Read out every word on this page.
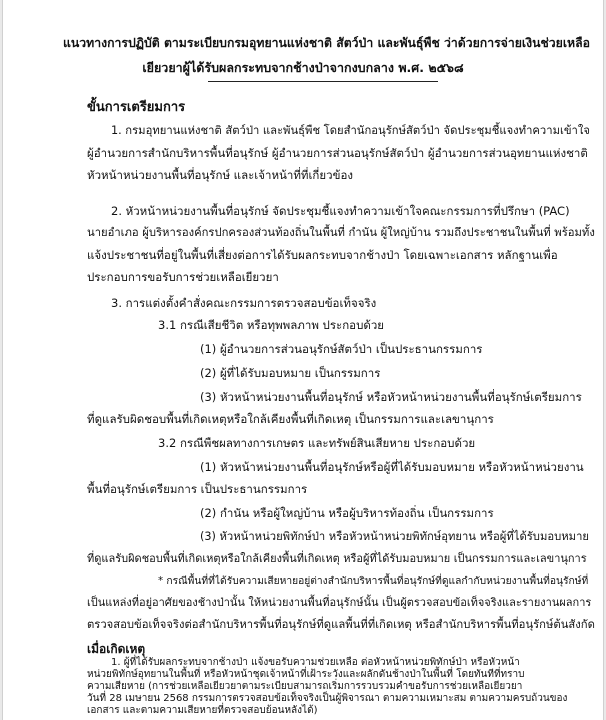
แนวทางการปฏิบัติ ตามระเบียบกรมอุทยานแห่งชาติ สัตว์ป่า และพันธุ์พืช ว่าด้วยการจ่ายเงินช่วยเหลือ
เยียวยาผู้ได้รับผลกระทบจากช้างป่าจากงบกลาง พ.ศ. ๒๕๖๘
ขั้นการเตรียมการ
1. กรมอุทยานแห่งชาติ สัตว์ป่า และพันธุ์พืช โดยสำนักอนุรักษ์สัตว์ป่า จัดประชุมชี้แจงทำความเข้าใจ
ผู้อำนวยการสำนักบริหารพื้นที่อนุรักษ์ ผู้อำนวยการส่วนอนุรักษ์สัตว์ป่า ผู้อำนวยการส่วนอุทยานแห่งชาติ
หัวหน้าหน่วยงานพื้นที่อนุรักษ์ และเจ้าหน้าที่ที่เกี่ยวข้อง
2. หัวหน้าหน่วยงานพื้นที่อนุรักษ์ จัดประชุมชี้แจงทำความเข้าใจคณะกรรมการที่ปรึกษา (PAC)
นายอำเภอ ผู้บริหารองค์กรปกครองส่วนท้องถิ่นในพื้นที่ กำนัน ผู้ใหญ่บ้าน รวมถึงประชาชนในพื้นที่ พร้อมทั้ง
แจ้งประชาชนที่อยู่ในพื้นที่เสี่ยงต่อการได้รับผลกระทบจากช้างป่า โดยเฉพาะเอกสาร หลักฐานเพื่อ
ประกอบการขอรับการช่วยเหลือเยียวยา
3. การแต่งตั้งคำสั่งคณะกรรมการตรวจสอบข้อเท็จจริง
3.1 กรณีเสียชีวิต หรือทุพพลภาพ ประกอบด้วย
(1) ผู้อำนวยการส่วนอนุรักษ์สัตว์ป่า เป็นประธานกรรมการ
(2) ผู้ที่ได้รับมอบหมาย เป็นกรรมการ
(3) หัวหน้าหน่วยงานพื้นที่อนุรักษ์ หรือหัวหน้าหน่วยงานพื้นที่อนุรักษ์เตรียมการ
ที่ดูแลรับผิดชอบพื้นที่เกิดเหตุหรือใกล้เคียงพื้นที่เกิดเหตุ เป็นกรรมการและเลขานุการ
3.2 กรณีพืชผลทางการเกษตร และทรัพย์สินเสียหาย ประกอบด้วย
(1) หัวหน้าหน่วยงานพื้นที่อนุรักษ์หรือผู้ที่ได้รับมอบหมาย หรือหัวหน้าหน่วยงาน
พื้นที่อนุรักษ์เตรียมการ เป็นประธานกรรมการ
(2) กำนัน หรือผู้ใหญ่บ้าน หรือผู้บริหารท้องถิ่น เป็นกรรมการ
(3) หัวหน้าหน่วยพิทักษ์ป่า หรือหัวหน้าหน่วยพิทักษ์อุทยาน หรือผู้ที่ได้รับมอบหมาย
ที่ดูแลรับผิดชอบพื้นที่เกิดเหตุหรือใกล้เคียงพื้นที่เกิดเหตุ หรือผู้ที่ได้รับมอบหมาย เป็นกรรมการและเลขานุการ
* กรณีพื้นที่ที่ได้รับความเสียหายอยู่ต่างสำนักบริหารพื้นที่อนุรักษ์ที่ดูแลกำกับหน่วยงานพื้นที่อนุรักษ์ที่
เป็นแหล่งที่อยู่อาศัยของช้างป่านั้น ให้หน่วยงานพื้นที่อนุรักษ์นั้น เป็นผู้ตรวจสอบข้อเท็จจริงและรายงานผลการ
ตรวจสอบข้อเท็จจริงต่อสำนักบริหารพื้นที่อนุรักษ์ที่ดูแลพื้นที่ที่เกิดเหตุ หรือสำนักบริหารพื้นที่อนุรักษ์ต้นสังกัด
เมื่อเกิดเหตุ
1. ผู้ที่ได้รับผลกระทบจากช้างป่า แจ้งขอรับความช่วยเหลือ ต่อหัวหน้าหน่วยพิทักษ์ป่า หรือหัวหน้า
หน่วยพิทักษ์อุทยานในพื้นที่ หรือหัวหน้าชุดเจ้าหน้าที่เฝ้าระวังและผลักดันช้างป่าในพื้นที่ โดยทันทีที่ทราบ
ความเสียหาย (การช่วยเหลือเยียวยาตามระเบียบสามารถเริ่มการรวบรวมคำขอรับการช่วยเหลือเยียวยา
วันที่ 28 เมษายน 2568 กรรมการตรวจสอบข้อเท็จจริงเป็นผู้พิจารณา ตามความเหมาะสม ตามความครบถ้วนของ
เอกสาร และตามความเสียหายที่ตรวจสอบย้อนหลังได้)
